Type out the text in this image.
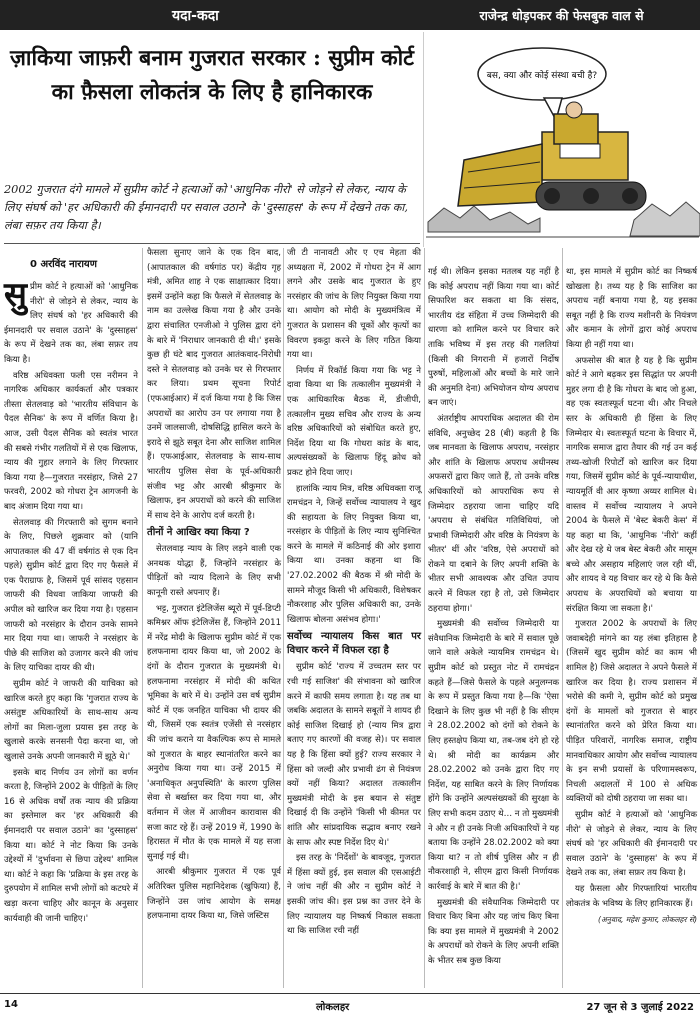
यदा-कदा	राजेन्द्र धोड़पकर की फेसबुक वाल से
ज़ाकिया जाफ़री बनाम गुजरात सरकार : सुप्रीम कोर्ट का फ़ैसला लोकतंत्र के लिए है हानिकारक
बस, क्या और कोई संस्था बची है?

2002 गुजरात दंगे मामले में सुप्रीम कोर्ट ने हत्याओं को 'आधुनिक नीरो' से जोड़ने से लेकर, न्याय के लिए संघर्ष को 'हर अधिकारी की ईमानदारी पर सवाल उठाने' के 'दुस्साहस' के रूप में देखने तक का, लंबा सफ़र तय किया है।

0 अरविंद नारायण

सुप्रीम कोर्ट ने हत्याओं को 'आधुनिक नीरो' से जोड़ने से लेकर, न्याय के लिए संघर्ष को 'हर अधिकारी की ईमानदारी पर सवाल उठाने' के 'दुस्साहस' के रूप में देखने तक का, लंबा सफ़र तय किया है।

वरिष्ठ अधिवक्ता फली एस नरीमन ने नागरिक अधिकार कार्यकर्ता और पत्रकार तीस्ता सेतलवाड़ को 'भारतीय संविधान के पैदल सैनिक' के रूप में वर्णित किया है। आज, उसी पैदल सैनिक को स्वतंत्र भारत की सबसे गंभीर गलतियों में से एक खिलाफ, न्याय की गुहार लगाने के लिए गिरफ्तार किया गया है—गुजरात नरसंहार, जिसे 27 फरवरी, 2002 को गोधरा ट्रेन आगजनी के बाद अंजाम दिया गया था।

सेतलवाड़ की गिरफ्तारी को सुगम बनाने के लिए, पिछले शुक्रवार को (यानि आपातकाल की 47 वीं वर्षगांठ से एक दिन पहले) सुप्रीम कोर्ट द्वारा दिए गए फैसले में एक पैराग्राफ है, जिसमें पूर्व सांसद एहसान जाफरी की विधवा जाकिया जाफरी की अपील को खारिज कर दिया गया है। एहसान जाफरी को नरसंहार के दौरान उनके सामने मार दिया गया था। जाफरी ने नरसंहार के पीछे की साजिश को उजागर करने की जांच के लिए याचिका दायर की थी।

सुप्रीम कोर्ट ने जाफरी की याचिका को खारिज करते हुए कहा कि 'गुजरात राज्य के असंतुष्ट अधिकारियों के साथ-साथ अन्य लोगों का मिला-जुला प्रयास इस तरह के खुलासे करके सनसनी पैदा करना था, जो खुलासे उनके अपनी जानकारी में झूठे थे।'

इसके बाद निर्णय उन लोगों का वर्णन करता है, जिन्होंने 2002 के पीड़ितों के लिए 16 से अधिक वर्षों तक न्याय की प्रक्रिया का इस्तेमाल कर 'हर अधिकारी की ईमानदारी पर सवाल उठाने' का 'दुस्साहस' किया था। कोर्ट ने नोट किया कि उनके उद्देश्यों में 'दुर्भावना से छिपा उद्देश्य' शामिल था। कोर्ट ने कहा कि 'प्रक्रिया के इस तरह के दुरुपयोग में शामिल सभी लोगों को कटघरे में खड़ा करना चाहिए और कानून के अनुसार कार्यवाही की जानी चाहिए।'

फैसला सुनाए जाने के एक दिन बाद, (आपातकाल की वर्षगांठ पर) केंद्रीय गृह मंत्री, अमित शाह ने एक साक्षात्कार दिया। इसमें उन्होंने कहा कि फैसले में सेतलवाड़ के नाम का उल्लेख किया गया है और उनके द्वारा संचालित एनजीओ ने पुलिस द्वारा दंगे के बारे में 'निराधार जानकारी दी थी।' इसके कुछ ही घंटे बाद गुजरात आतंकवाद-निरोधी दस्ते ने सेतलवाड़ को उनके घर से गिरफ्तार कर लिया। प्रथम सूचना रिपोर्ट (एफआईआर) में दर्ज किया गया है कि जिस अपराधों का आरोप उन पर लगाया गया है उनमें जालसाजी, दोषसिद्धि हासिल करने के इरादे से झूठे सबूत देना और साजिश शामिल हैं। एफआईआर, सेतलवाड़ के साथ-साथ भारतीय पुलिस सेवा के पूर्व-अधिकारी संजीव भट्ट और आरबी श्रीकुमार के खिलाफ, इन अपराधों को करने की साजिश में साथ देने के आरोप दर्ज करती है।

तीनों ने आखिर क्या किया ?

सेतलवाड़ न्याय के लिए लड़ने वाली एक अनथक योद्धा हैं, जिन्होंने नरसंहार के पीड़ितों को न्याय दिलाने के लिए सभी कानूनी रास्ते अपनाए हैं।

भट्ट, गुजरात इंटेलिजेंस ब्यूरो में पूर्व-डिप्टी कमिश्नर ऑफ इंटेलिजेंस हैं, जिन्होंने 2011 में नरेंद्र मोदी के खिलाफ सुप्रीम कोर्ट में एक हलफनामा दायर किया था, जो 2002 के दंगों के दौरान गुजरात के मुख्यमंत्री थे। हलफनामा नरसंहार में मोदी की कथित भूमिका के बारे में थे। उन्होंने उस वर्ष सुप्रीम कोर्ट में एक जनहित याचिका भी दायर की थी, जिसमें एक स्वतंत्र एजेंसी से नरसंहार की जांच कराने या वैकल्पिक रूप से मामले को गुजरात के बाहर स्थानांतरित करने का अनुरोध किया गया था। उन्हें 2015 में 'अनाधिकृत अनुपस्थिति' के कारण पुलिस सेवा से बर्खास्त कर दिया गया था, और वर्तमान में जेल में आजीवन कारावास की सजा काट रहे हैं। उन्हें 2019 में, 1990 के हिरासत में मौत के एक मामले में यह सजा सुनाई गई थी।

आरबी श्रीकुमार गुजरात में एक पूर्व अतिरिक्त पुलिस महानिदेशक (खुफिया) हैं, जिन्होंने उस जांच आयोग के समक्ष हलफनामा दायर किया था, जिसे जस्टिस

जी टी नानावटी और ए एच मेहता की अध्यक्षता में, 2002 में गोधरा ट्रेन में आग लगने और उसके बाद गुजरात के हुए नरसंहार की जांच के लिए नियुक्त किया गया था। आयोग को मोदी के मुख्यमंत्रित्व में गुजरात के प्रशासन की चूकों और कृत्यों का विवरण इकट्ठा करने के लिए गठित किया गया था।

निर्णय में रिकॉर्ड किया गया कि भट्ट ने दावा किया था कि तत्कालीन मुख्यमंत्री ने एक आधिकारिक बैठक में, डीजीपी, तत्कालीन मुख्य सचिव और राज्य के अन्य वरिष्ठ अधिकारियों को संबोधित करते हुए, निर्देश दिया था कि गोधरा कांड के बाद, अल्पसंख्यकों के खिलाफ हिंदू क्रोध को प्रकट होने दिया जाए।

हालांकि न्याय मित्र, वरिष्ठ अधिवक्ता राजू रामचंद्रन ने, जिन्हें सर्वोच्च न्यायालय ने खुद की सहायता के लिए नियुक्त किया था, नरसंहार के पीड़ितों के लिए न्याय सुनिश्चित करने के मामले में कठिनाई की ओर इशारा किया था। उनका कहना था कि '27.02.2002 की बैठक में श्री मोदी के सामने मौजूद किसी भी अधिकारी, विशेषकर नौकरशाह और पुलिस अधिकारी का, उनके खिलाफ बोलना असंभव होगा।'

सर्वोच्च न्यायालय किस बात पर विचार करने में विफल रहा है

सुप्रीम कोर्ट 'राज्य में उच्चतम स्तर पर रची गई साजिश' की संभावना को खारिज करने में काफी समय लगाता है। यह तब था जबकि अदालत के सामने सबूतों ने शायद ही कोई साजिश दिखाई हो (न्याय मित्र द्वारा बताए गए कारणों की वजह से)। पर सवाल यह है कि हिंसा क्यों हुई? राज्य सरकार ने हिंसा को जल्दी और प्रभावी ढंग से नियंत्रण क्यों नहीं किया? अदालत तत्कालीन मुख्यमंत्री मोदी के इस बयान से संतुष्ट दिखाई दी कि उन्होंने 'किसी भी कीमत पर शांति और सांप्रदायिक सद्भाव बनाए रखने के साफ और स्पष्ट निर्देश दिए थे।'

इस तरह के 'निर्देशों' के बावजूद, गुजरात में हिंसा क्यों हुई, इस सवाल की एसआईटी ने जांच नहीं की और न सुप्रीम कोर्ट ने इसकी जांच की। इस प्रश्न का उत्तर देने के लिए न्यायालय यह निष्कर्ष निकाल सकता था कि साजिश रची नहीं

गई थी। लेकिन इसका मतलब यह नहीं है कि कोई अपराध नहीं किया गया था। कोर्ट सिफारिश कर सकता था कि संसद, भारतीय दंड संहिता में उच्च जिम्मेदारी की धारणा को शामिल करने पर विचार करे ताकि भविष्य में इस तरह की गलतियां (किसी की निगरानी में हजारों निर्दोष पुरुषों, महिलाओं और बच्चों के मारे जाने की अनुमति देना) अभियोजन योग्य अपराध बन जाएं।

अंतर्राष्ट्रीय आपराधिक अदालत की रोम संविधि, अनुच्छेद 28 (बी) कहती है कि जब मानवता के खिलाफ अपराध, नरसंहार और शांति के खिलाफ अपराध अधीनस्थ अफसरों द्वारा किए जाते हैं, तो उनके वरिष्ठ अधिकारियों को आपराधिक रूप से जिम्मेदार ठहराया जाना चाहिए यदि 'अपराध से संबंधित गतिविधियां, जो प्रभावी जिम्मेदारी और वरिष्ठ के नियंत्रण के भीतर' थीं और 'वरिष्ठ, ऐसे अपराधों को रोकने या दबाने के लिए अपनी शक्ति के भीतर सभी आवश्यक और उचित उपाय करने में विफल रहा है तो, उसे जिम्मेदार ठहराया होगा।'

मुख्यमंत्री की सर्वोच्च जिम्मेदारी या संवैधानिक जिम्मेदारी के बारे में सवाल पूछे जाने वाले अकेले न्यायमित्र रामचंद्रन थे। सुप्रीम कोर्ट को प्रस्तुत नोट में रामचंद्रन कहते हैं—जिसे फैसले के पहले अनुलग्नक के रूप में प्रस्तुत किया गया है—कि 'ऐसा दिखाने के लिए कुछ भी नहीं है कि सीएम ने 28.02.2002 को दंगों को रोकने के लिए हस्तक्षेप किया था, तब-जब दंगे हो रहे थे। श्री मोदी का कार्यक्रम और 28.02.2002 को उनके द्वारा दिए गए निर्देश, यह साबित करने के लिए निर्णायक होंगे कि उन्होंने अल्पसंख्यकों की सुरक्षा के लिए सभी कदम उठाए थे… न तो मुख्यमंत्री ने और न ही उनके निजी अधिकारियों ने यह बताया कि उन्होंने 28.02.2002 को क्या किया था? न तो शीर्ष पुलिस और न ही नौकरशाही ने, सीएम द्वारा किसी निर्णायक कार्रवाई के बारे में बात की है।'

मुख्यमंत्री की संवैधानिक जिम्मेदारी पर विचार किए बिना और यह जांच किए बिना कि क्या इस मामले में मुख्यमंत्री ने 2002 के अपराधों को रोकने के लिए अपनी शक्ति के भीतर सब कुछ किया

था, इस मामले में सुप्रीम कोर्ट का निष्कर्ष खोखला है। तथ्य यह है कि साजिश का अपराध नहीं बनाया गया है, यह इसका सबूत नहीं है कि राज्य मशीनरी के नियंत्रण और कमान के लोगों द्वारा कोई अपराध किया ही नहीं गया था।

अफसोस की बात है यह है कि सुप्रीम कोर्ट ने आगे बढ़कर इस सिद्धांत पर अपनी मुहर लगा दी है कि गोधरा के बाद जो हुआ, वह एक स्वतःस्फूर्त घटना थी। और निचले स्तर के अधिकारी ही हिंसा के लिए जिम्मेदार थे। स्वतःस्फूर्त घटना के विचार में, नागरिक समाज द्वारा तैयार की गई उन कई तथ्य-खोजी रिपोर्टों को खारिज कर दिया गया, जिसमें सुप्रीम कोर्ट के पूर्व-न्यायाधीश, न्यायमूर्ति वी आर कृष्णा अय्यर शामिल थे। वास्तव में सर्वोच्च न्यायालय ने अपने 2004 के फैसले में 'बेस्ट बेकरी केस' में यह कहा था कि, 'आधुनिक 'नीरो' कहीं और देख रहे थे जब बेस्ट बेकरी और मासूम बच्चे और असहाय महिलाएं जल रही थीं, और शायद वे यह विचार कर रहे थे कि कैसे अपराध के अपराधियों को बचाया या संरक्षित किया जा सकता है।'

गुजरात 2002 के अपराधों के लिए जवाबदेही मांगने का यह लंबा इतिहास है (जिसमें खुद सुप्रीम कोर्ट का काम भी शामिल है) जिसे अदालत ने अपने फैसले में खारिज कर दिया है। राज्य प्रशासन में भरोसे की कमी ने, सुप्रीम कोर्ट को प्रमुख दंगों के मामलों को गुजरात से बाहर स्थानांतरित करने को प्रेरित किया था। पीड़ित परिवारों, नागरिक समाज, राष्ट्रीय मानवाधिकार आयोग और सर्वोच्च न्यायालय के इन सभी प्रयासों के परिणामस्वरूप, निचली अदालतों में 100 से अधिक व्यक्तियों को दोषी ठहराया जा सका था।

सुप्रीम कोर्ट ने हत्याओं को 'आधुनिक नीरो' से जोड़ने से लेकर, न्याय के लिए संघर्ष को 'हर अधिकारी की ईमानदारी पर सवाल उठाने' के 'दुस्साहस' के रूप में देखने तक का, लंबा सफ़र तय किया है।

यह फ़ैसला और गिरफ्तारियां भारतीय लोकतंत्र के भविष्य के लिए हानिकारक हैं।

(अनुवाद, महेश कुमार, लोकलहर से)
14	लोकलहर	27 जून से 3 जुलाई 2022
